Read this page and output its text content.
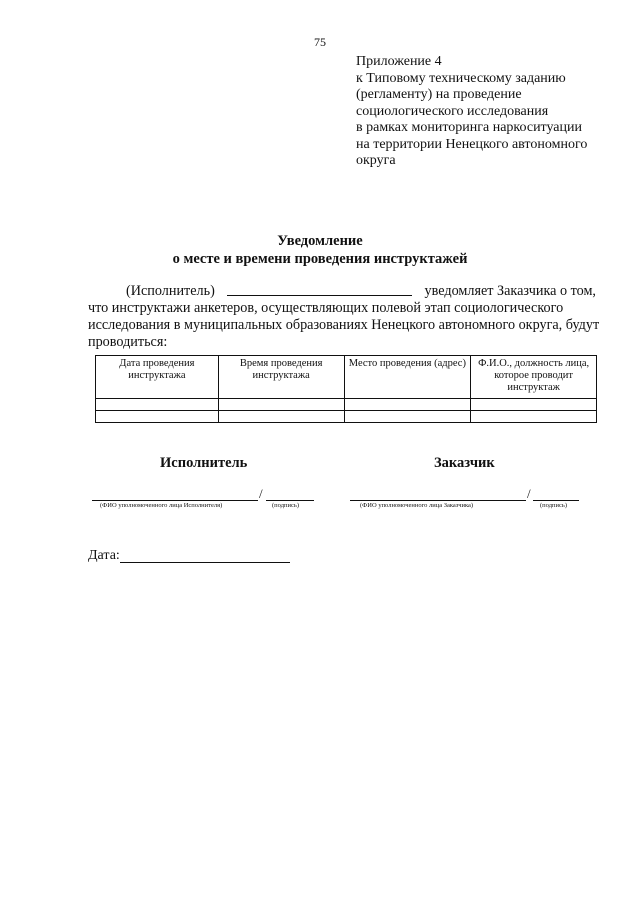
75
Приложение 4
к Типовому техническому заданию
(регламенту) на проведение
социологического исследования
в рамках мониторинга наркоситуации
на территории Ненецкого автономного
округа
Уведомление
о месте и времени проведения инструктажей
(Исполнитель)	уведомляет Заказчика о том,
что инструктажи анкетеров, осуществляющих полевой этап социологического
исследования в муниципальных образованиях Ненецкого автономного округа, будут
проводиться:
Дата проведения инструктажа	Время проведения инструктажа	Место проведения (адрес)	Ф.И.О., должность лица, которое проводит инструктаж

Исполнитель
/
(ФИО уполномоченного лица Исполнителя)	(подпись)
Заказчик
/
(ФИО уполномоченного лица Заказчика)	(подпись)
Дата:
